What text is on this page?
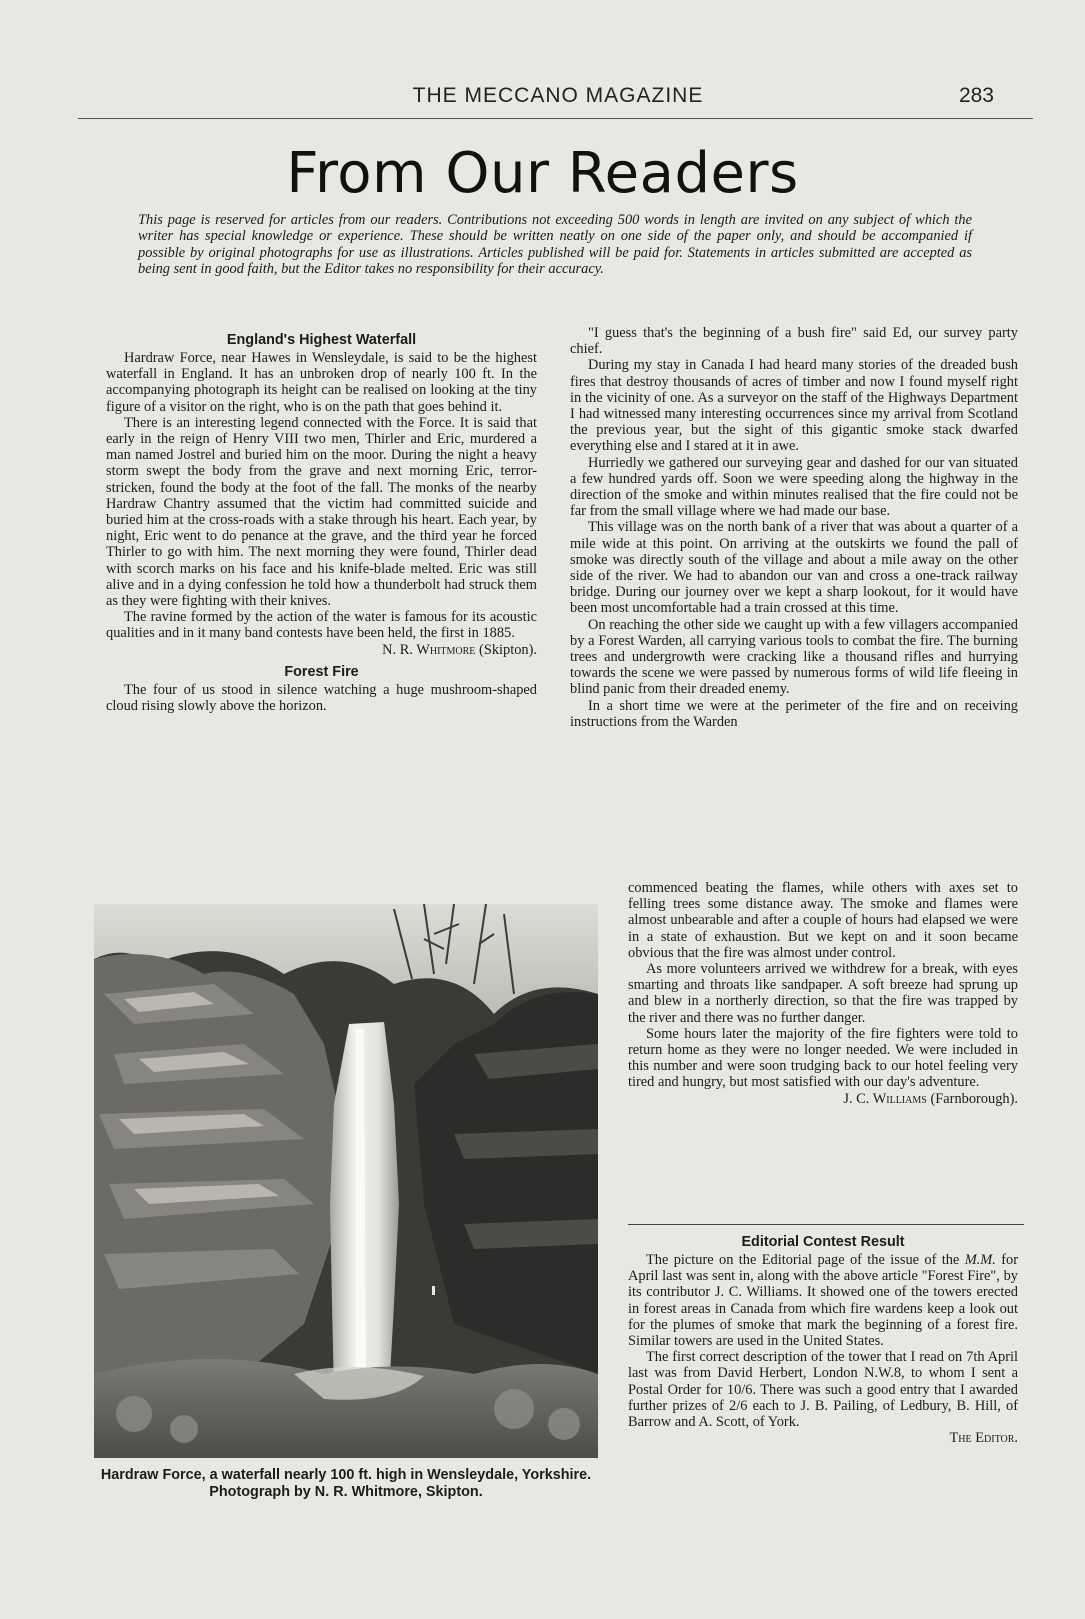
THE MECCANO MAGAZINE	283
From Our Readers
This page is reserved for articles from our readers. Contributions not exceeding 500 words in length are invited on any subject of which the writer has special knowledge or experience. These should be written neatly on one side of the paper only, and should be accompanied if possible by original photographs for use as illustrations. Articles published will be paid for. Statements in articles submitted are accepted as being sent in good faith, but the Editor takes no responsibility for their accuracy.
England's Highest Waterfall

Hardraw Force, near Hawes in Wensleydale, is said to be the highest waterfall in England. It has an unbroken drop of nearly 100 ft. In the accompanying photograph its height can be realised on looking at the tiny figure of a visitor on the right, who is on the path that goes behind it.

There is an interesting legend connected with the Force. It is said that early in the reign of Henry VIII two men, Thirler and Eric, murdered a man named Jostrel and buried him on the moor. During the night a heavy storm swept the body from the grave and next morning Eric, terror-stricken, found the body at the foot of the fall. The monks of the nearby Hardraw Chantry assumed that the victim had committed suicide and buried him at the cross-roads with a stake through his heart. Each year, by night, Eric went to do penance at the grave, and the third year he forced Thirler to go with him. The next morning they were found, Thirler dead with scorch marks on his face and his knife-blade melted. Eric was still alive and in a dying confession he told how a thunderbolt had struck them as they were fighting with their knives.

The ravine formed by the action of the water is famous for its acoustic qualities and in it many band contests have been held, the first in 1885.

N. R. Whitmore (Skipton).

Forest Fire

The four of us stood in silence watching a huge mushroom-shaped cloud rising slowly above the horizon.

"I guess that's the beginning of a bush fire" said Ed, our survey party chief.

During my stay in Canada I had heard many stories of the dreaded bush fires that destroy thousands of acres of timber and now I found myself right in the vicinity of one. As a surveyor on the staff of the Highways Department I had witnessed many interesting occurrences since my arrival from Scotland the previous year, but the sight of this gigantic smoke stack dwarfed everything else and I stared at it in awe.

Hurriedly we gathered our surveying gear and dashed for our van situated a few hundred yards off. Soon we were speeding along the highway in the direction of the smoke and within minutes realised that the fire could not be far from the small village where we had made our base.

This village was on the north bank of a river that was about a quarter of a mile wide at this point. On arriving at the outskirts we found the pall of smoke was directly south of the village and about a mile away on the other side of the river. We had to abandon our van and cross a one-track railway bridge. During our journey over we kept a sharp lookout, for it would have been most uncomfortable had a train crossed at this time.

On reaching the other side we caught up with a few villagers accompanied by a Forest Warden, all carrying various tools to combat the fire. The burning trees and undergrowth were cracking like a thousand rifles and hurrying towards the scene we were passed by numerous forms of wild life fleeing in blind panic from their dreaded enemy.

In a short time we were at the perimeter of the fire and on receiving instructions from the Warden

commenced beating the flames, while others with axes set to felling trees some distance away. The smoke and flames were almost unbearable and after a couple of hours had elapsed we were in a state of exhaustion. But we kept on and it soon became obvious that the fire was almost under control.

As more volunteers arrived we withdrew for a break, with eyes smarting and throats like sandpaper. A soft breeze had sprung up and blew in a northerly direction, so that the fire was trapped by the river and there was no further danger.

Some hours later the majority of the fire fighters were told to return home as they were no longer needed. We were included in this number and were soon trudging back to our hotel feeling very tired and hungry, but most satisfied with our day's adventure.

J. C. Williams (Farnborough).

Editorial Contest Result

The picture on the Editorial page of the issue of the M.M. for April last was sent in, along with the above article "Forest Fire", by its contributor J. C. Williams. It showed one of the towers erected in forest areas in Canada from which fire wardens keep a look out for the plumes of smoke that mark the beginning of a forest fire. Similar towers are used in the United States.

The first correct description of the tower that I read on 7th April last was from David Herbert, London N.W.8, to whom I sent a Postal Order for 10/6. There was such a good entry that I awarded further prizes of 2/6 each to J. B. Pailing, of Ledbury, B. Hill, of Barrow and A. Scott, of York.

The Editor.

Hardraw Force, a waterfall nearly 100 ft. high in Wensleydale, Yorkshire. Photograph by N. R. Whitmore, Skipton.
